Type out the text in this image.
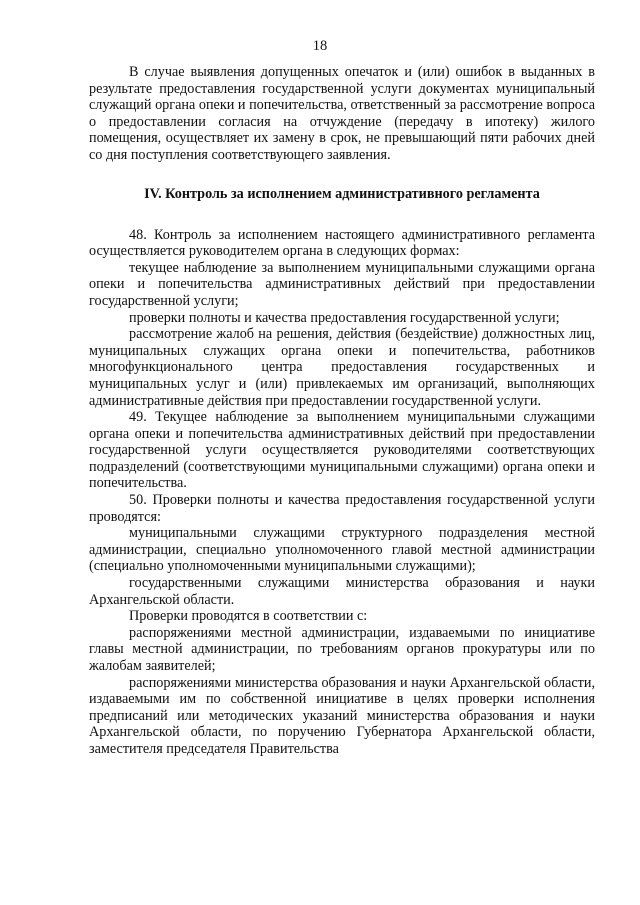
18

В случае выявления допущенных опечаток и (или) ошибок в выданных в результате предоставления государственной услуги документах муниципальный служащий органа опеки и попечительства, ответственный за рассмотрение вопроса о предоставлении согласия на отчуждение (передачу в ипотеку) жилого помещения, осуществляет их замену в срок, не превышающий пяти рабочих дней со дня поступления соответствующего заявления.

IV. Контроль за исполнением административного регламента

48. Контроль за исполнением настоящего административного регламента осуществляется руководителем органа в следующих формах:

текущее наблюдение за выполнением муниципальными служащими органа опеки и попечительства административных действий при предоставлении государственной услуги;

проверки полноты и качества предоставления государственной услуги;

рассмотрение жалоб на решения, действия (бездействие) должностных лиц, муниципальных служащих органа опеки и попечительства, работников многофункционального центра предоставления государственных и муниципальных услуг и (или) привлекаемых им организаций, выполняющих административные действия при предоставлении государственной услуги.

49. Текущее наблюдение за выполнением муниципальными служащими органа опеки и попечительства административных действий при предоставлении государственной услуги осуществляется руководителями соответствующих подразделений (соответствующими муниципальными служащими) органа опеки и попечительства.

50. Проверки полноты и качества предоставления государственной услуги проводятся:

муниципальными служащими структурного подразделения местной администрации, специально уполномоченного главой местной администрации (специально уполномоченными муниципальными служащими);

государственными служащими министерства образования и науки Архангельской области.

Проверки проводятся в соответствии с:

распоряжениями местной администрации, издаваемыми по инициативе главы местной администрации, по требованиям органов прокуратуры или по жалобам заявителей;

распоряжениями министерства образования и науки Архангельской области, издаваемыми им по собственной инициативе в целях проверки исполнения предписаний или методических указаний министерства образования и науки Архангельской области, по поручению Губернатора Архангельской области, заместителя председателя Правительства
